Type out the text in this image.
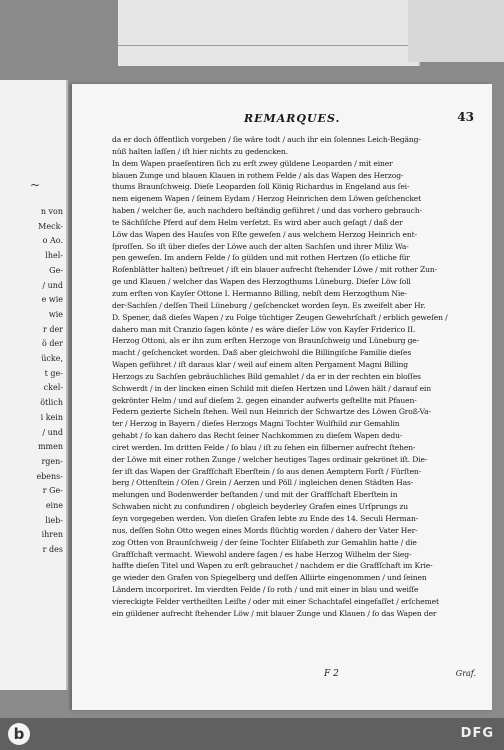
~
n von
Meck-
o Ao.
lhel-
Ge-
/ und
e wie
wie
r der
ö der
ücke,
t ge-
ckel-
ötlich
i kein
/ und
mmen
rgen-
ebens-
r Ge-
eine
lieb-
ihren
r des
REMARQUES.	43
da er doch öffentlich vorgeben / ſie wäre todt / auch ihr ein ſolennes Leich-Begäng-
nüß halten laſſen / iſt hier nichts zu gedencken.
In dem Wapen praeſentiren ſich zu erſt zwey güldene Leoparden / mit einer
blauen Zunge und blauen Klauen in rothem Felde / als das Wapen des Herzog-
thums Braunſchweig. Dieſe Leoparden ſoll König Richardus in Engeland aus ſei-
nem eigenem Wapen / ſeinem Eydam / Herzog Heinrichen dem Löwen geſchencket
haben / welcher ſie, auch nachdero beſtändig geführet / und das vorhero gebrauch-
te Sächſiſche Pferd auf dem Helm verſetzt. Es wird aber auch geſagt / daß der
Löw das Wapen des Hauſes von Eſte geweſen / aus welchem Herzog Heinrich ent-
ſproſſen. So iſt über dieſes der Löwe auch der alten Sachſen und ihrer Miliz Wa-
pen geweſen. Im andern Felde / ſo gülden und mit rothen Hertzen (ſo etliche für
Roſenblätter halten) beſtreuet / iſt ein blauer aufrecht ſtehender Löwe / mit rother Zun-
ge und Klauen / welcher das Wapen des Herzogthums Lüneburg. Dieſer Löw ſoll
zum erſten von Kayſer Ottone I. Hermanno Billing, nebſt dem Herzogthum Nie-
der-Sachſen / deſſen Theil Lüneburg / geſchencket worden ſeyn. Es zweifelt aber Hr.
D. Spener, daß dieſes Wapen / zu Folge tüchtiger Zeugen Gewehrſchaft / erblich geweſen /
dahero man mit Cranzio ſagen könte / es wäre dieſer Löw von Kayſer Friderico II.
Herzog Ottoni, als er ihn zum erſten Herzoge von Braunſchweig und Lüneburg ge-
macht / geſchencket worden. Daß aber gleichwohl die Billingiſche Familie dieſes
Wapen geführet / iſt daraus klar / weil auf einem alten Pergament Magni Billing
Herzogs zu Sachſen gebräuchliches Bild gemahlet / da er in der rechten ein bloſſes
Schwerdt / in der lincken einen Schild mit dieſen Hertzen und Löwen hält / darauf ein
gekrönter Helm / und auf dieſem 2. gegen einander aufwerts geſtellte mit Pfauen-
Federn gezierte Sicheln ſtehen. Weil nun Heinrich der Schwartze des Löwen Groß-Va-
ter / Herzog in Bayern / dieſes Herzogs Magni Tochter Wulfhild zur Gemahlin
gehabt / ſo kan dahero das Recht ſeiner Nachkommen zu dieſem Wapen dedu-
ciret werden. Im dritten Felde / ſo blau / iſt zu ſehen ein ſilberner aufrecht ſtehen-
der Löwe mit einer rothen Zunge / welcher heutiges Tages ordinair gekrönet iſt. Die-
ſer iſt das Wapen der Graffſchaft Eberſtein / ſo aus denen Aemptern Forſt / Fürſten-
berg / Ottenſtein / Oſen / Grein / Aerzen und Pöll / ingleichen denen Städten Has-
melungen und Bodenwerder beſtanden / und mit der Graffſchaft Eberſtein in
Schwaben nicht zu confundiren / obgleich beyderley Grafen eines Urſprungs zu
ſeyn vorgegeben werden. Von dieſen Grafen lebte zu Ende des 14. Seculi Herman-
nus, deſſen Sohn Otto wegen eines Mords flüchtig worden / dahero der Vater Her-
zog Otten von Braunſchweig / der ſeine Tochter Eliſabeth zur Gemahlin hatte / die
Graffſchaft vermacht. Wiewohl andere ſagen / es habe Herzog Wilhelm der Sieg-
haffte dieſen Titel und Wapen zu erſt gebrauchet / nachdem er die Graffſchaft im Krie-
ge wieder den Grafen von Spiegelberg und deſſen Alliirte eingenommen / und ſeinen
Ländern incorporiret. Im vierdten Felde / ſo roth / und mit einer in blau und weiſſe
viereckigte Felder vertheilten Leiſte / oder mit einer Schachtafel eingefaſſet / erſchemet
ein güldener aufrecht ſtehender Löw / mit blauer Zunge und Klauen / ſo das Wapen der
F 2	Graf.
b	DFG
